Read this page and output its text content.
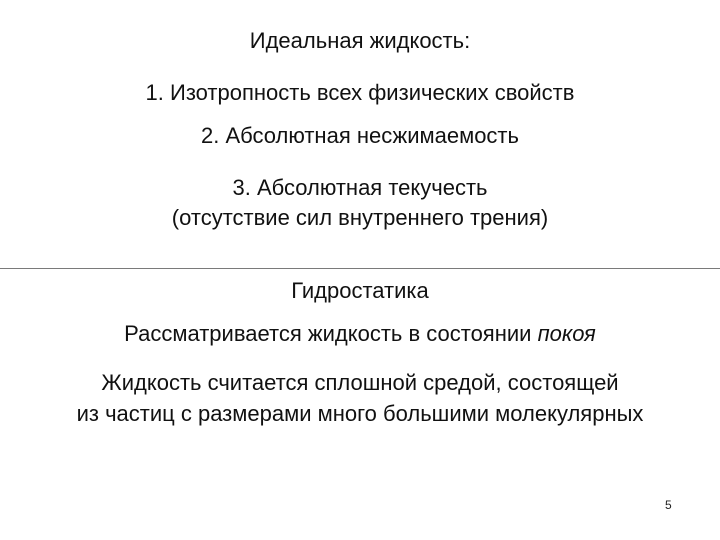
Идеальная жидкость:
1. Изотропность всех физических свойств
2. Абсолютная несжимаемость
3. Абсолютная текучесть
(отсутствие сил внутреннего трения)
Гидростатика
Рассматривается жидкость в состоянии покоя
Жидкость считается сплошной средой, состоящей
из частиц с размерами много большими молекулярных
5
